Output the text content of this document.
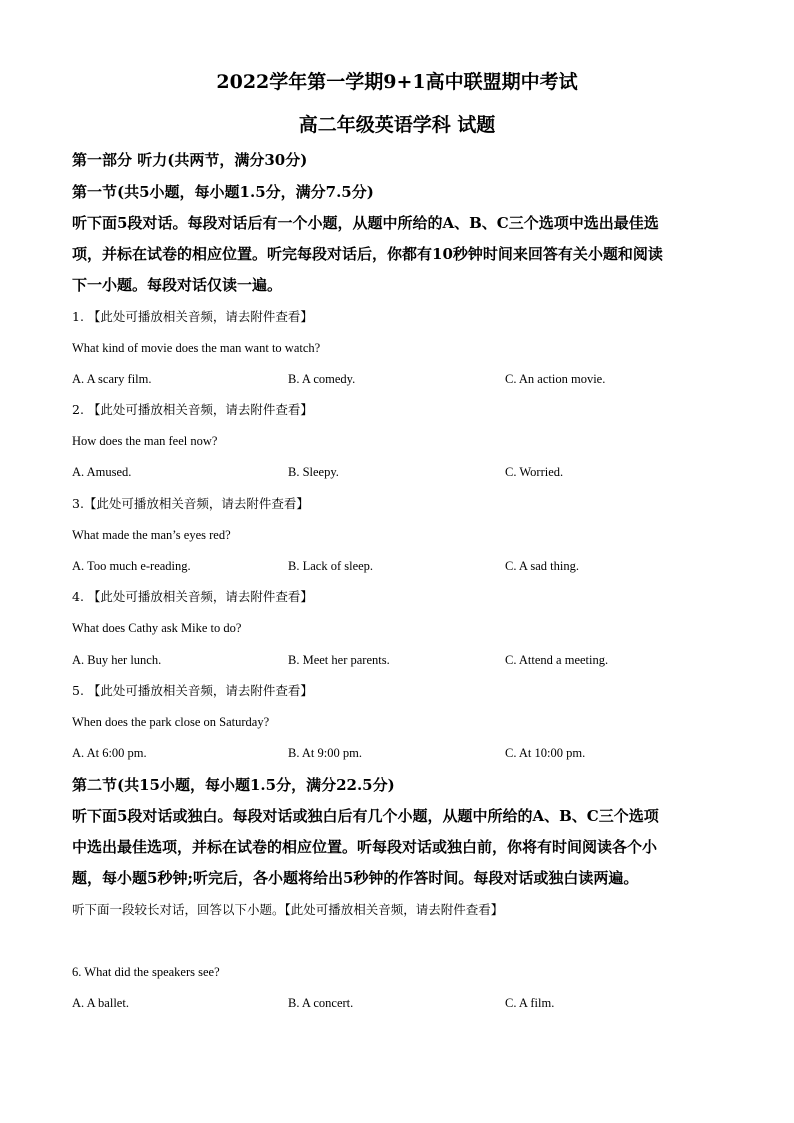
2022学年第一学期9+1高中联盟期中考试
高二年级英语学科 试题
第一部分 听力(共两节，满分30分)
第一节(共5小题，每小题1.5分，满分7.5分)
听下面5段对话。每段对话后有一个小题，从题中所给的A、B、C三个选项中选出最佳选
项，并标在试卷的相应位置。听完每段对话后，你都有10秒钟时间来回答有关小题和阅读
下一小题。每段对话仅读一遍。
1. 【此处可播放相关音频，请去附件查看】
What kind of movie does the man want to watch?
A. A scary film.	B. A comedy.	C. An action movie.
2. 【此处可播放相关音频，请去附件查看】
How does the man feel now?
A. Amused.	B. Sleepy.	C. Worried.
3.【此处可播放相关音频，请去附件查看】
What made the man’s eyes red?
A. Too much e-reading.	B. Lack of sleep.	C. A sad thing.
4. 【此处可播放相关音频，请去附件查看】
What does Cathy ask Mike to do?
A. Buy her lunch.	B. Meet her parents.	C. Attend a meeting.
5. 【此处可播放相关音频，请去附件查看】
When does the park close on Saturday?
A. At 6:00 pm.	B. At 9:00 pm.	C. At 10:00 pm.
第二节(共15小题，每小题1.5分，满分22.5分)
听下面5段对话或独白。每段对话或独白后有几个小题，从题中所给的A、B、C三个选项
中选出最佳选项，并标在试卷的相应位置。听每段对话或独白前，你将有时间阅读各个小
题，每小题5秒钟;听完后，各小题将给出5秒钟的作答时间。每段对话或独白读两遍。
听下面一段较长对话，回答以下小题。【此处可播放相关音频，请去附件查看】
6. What did the speakers see?
A. A ballet.	B. A concert.	C. A film.
